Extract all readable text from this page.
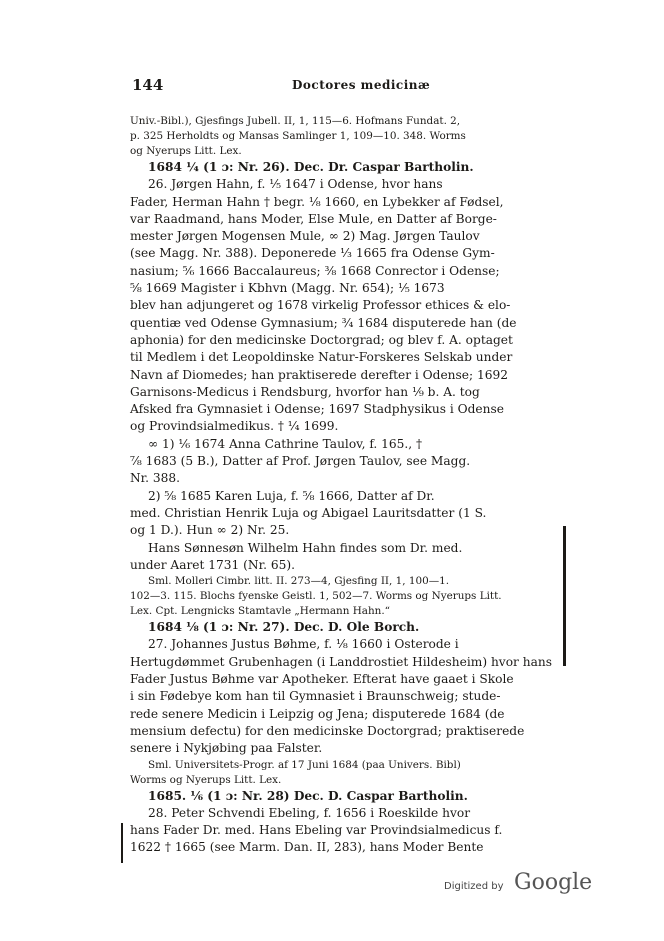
144	Doctores medicinæ
Univ.-Bibl.), Gjesfings Jubell. II, 1, 115—6. Hofmans Fundat. 2,
p. 325 Herholdts og Mansas Samlinger 1, 109—10. 348. Worms
og Nyerups Litt. Lex.
1684 ¼ (1 ɔ: Nr. 26). Dec. Dr. Caspar Bartholin.
26. Jørgen Hahn, f. ⅕ 1647 i Odense, hvor hans
Fader, Herman Hahn † begr. ⅛ 1660, en Lybekker af Fødsel,
var Raadmand, hans Moder, Else Mule, en Datter af Borge-
mester Jørgen Mogensen Mule, ∞ 2) Mag. Jørgen Taulov
(see Magg. Nr. 388). Deponerede ⅓ 1665 fra Odense Gym-
nasium; ⅚ 1666 Baccalaureus; ⅜ 1668 Conrector i Odense;
⅝ 1669 Magister i Kbhvn (Magg. Nr. 654); ⅕ 1673
blev han adjungeret og 1678 virkelig Professor ethices & elo-
quentiæ ved Odense Gymnasium; ¾ 1684 disputerede han (de
aphonia) for den medicinske Doctorgrad; og blev f. A. optaget
til Medlem i det Leopoldinske Natur-Forskeres Selskab under
Navn af Diomedes; han praktiserede derefter i Odense; 1692
Garnisons-Medicus i Rendsburg, hvorfor han ⅑ b. A. tog
Afsked fra Gymnasiet i Odense; 1697 Stadphysikus i Odense
og Provindsialmedikus. † ¼ 1699.
∞ 1) ⅙ 1674 Anna Cathrine Taulov, f. 165., †
⅞ 1683 (5 B.), Datter af Prof. Jørgen Taulov, see Magg.
Nr. 388.
2) ⅝ 1685 Karen Luja, f. ⅝ 1666, Datter af Dr.
med. Christian Henrik Luja og Abigael Lauritsdatter (1 S.
og 1 D.). Hun ∞ 2) Nr. 25.
Hans Sønnesøn Wilhelm Hahn findes som Dr. med.
under Aaret 1731 (Nr. 65).
Sml. Molleri Cimbr. litt. II. 273—4, Gjesfing II, 1, 100—1.
102—3. 115. Blochs fyenske Geistl. 1, 502—7. Worms og Nyerups Litt.
Lex. Cpt. Lengnicks Stamtavle „Hermann Hahn.“
1684 ⅛ (1 ɔ: Nr. 27). Dec. D. Ole Borch.
27. Johannes Justus Bøhme, f. ⅛ 1660 i Osterode i
Hertugdømmet Grubenhagen (i Landdrostiet Hildesheim) hvor hans
Fader Justus Bøhme var Apotheker. Efterat have gaaet i Skole
i sin Fødebye kom han til Gymnasiet i Braunschweig; stude-
rede senere Medicin i Leipzig og Jena; disputerede 1684 (de
mensium defectu) for den medicinske Doctorgrad; praktiserede
senere i Nykjøbing paa Falster.
Sml. Universitets-Progr. af 17 Juni 1684 (paa Univers. Bibl)
Worms og Nyerups Litt. Lex.
1685. ⅙ (1 ɔ: Nr. 28) Dec. D. Caspar Bartholin.
28. Peter Schvendi Ebeling, f. 1656 i Roeskilde hvor
hans Fader Dr. med. Hans Ebeling var Provindsialmedicus f.
1622 † 1665 (see Marm. Dan. II, 283), hans Moder Bente
Digitized by Google
